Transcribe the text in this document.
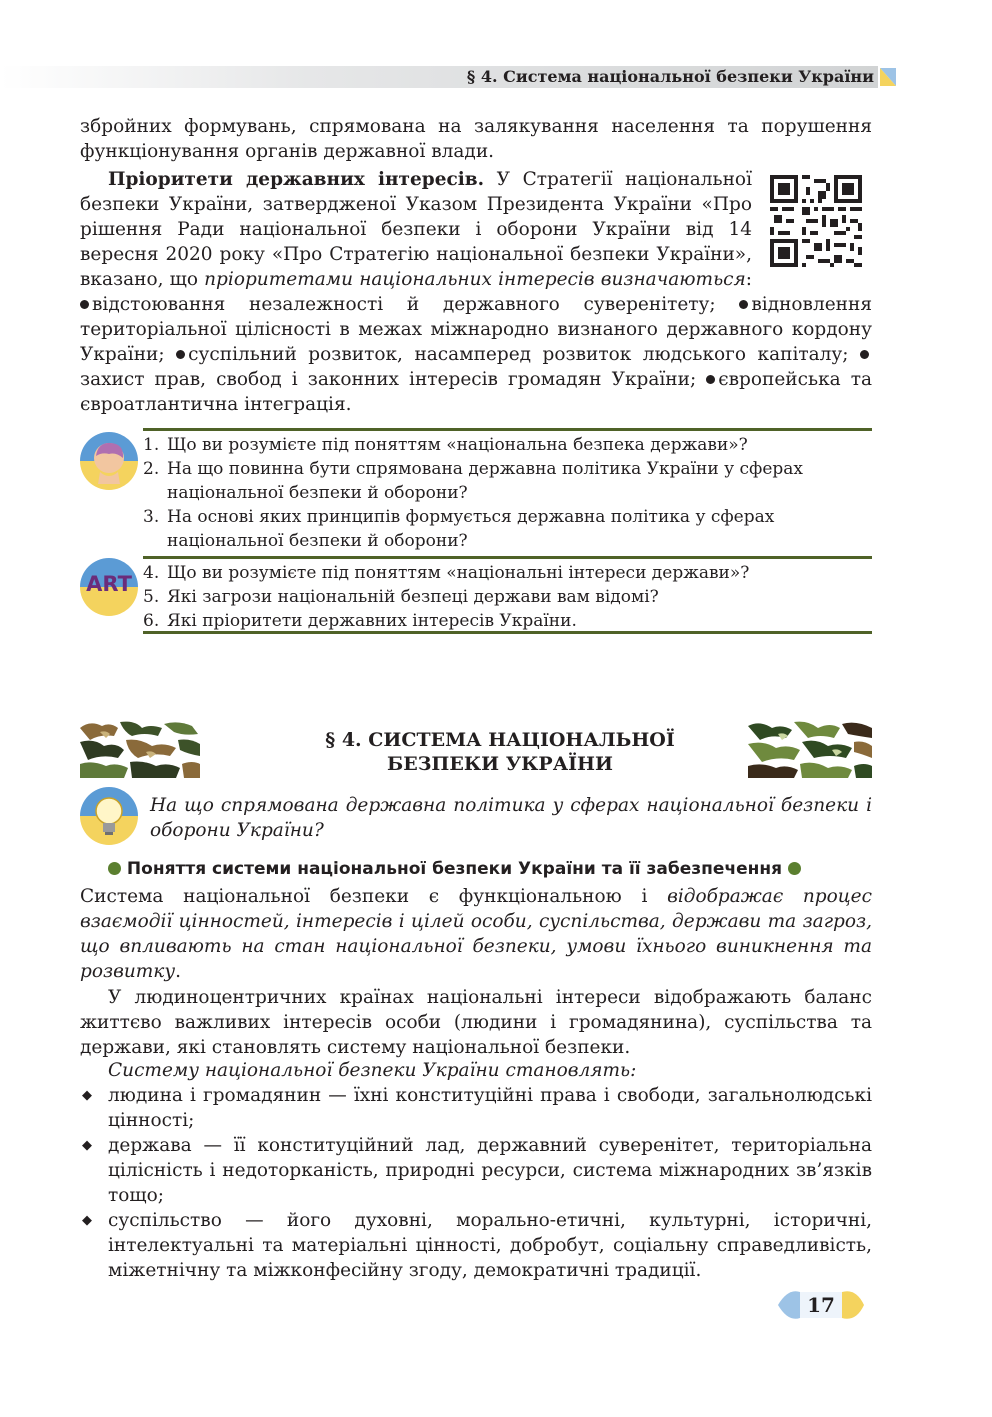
§ 4. Система національної безпеки України

збройних формувань, спрямована на залякування населення та порушення функціонування органів державної влади.

Пріоритети державних інтересів. У Стратегії національної безпеки України, затвердженої Указом Президента України «Про рішення Ради національної безпеки і оборони України від 14 вересня 2020 року «Про Стратегію національної безпеки України», вказано, що пріоритетами національних інтересів визначаються: відстоювання незалежності й державного суверенітету; відновлення територіальної цілісності в межах міжнародно визнаного державного кордону України; суспільний розвиток, насамперед розвиток людського капіталу; захист прав, свобод і законних інтересів громадян України; європейська та євроатлантична інтеграція.
1. Що ви розумієте під поняттям «національна безпека держави»?
2. На що повинна бути спрямована державна політика України у сферах національної безпеки й оборони?
3. На основі яких принципів формується державна політика у сферах національної безпеки й оборони?
ART 4. Що ви розумієте під поняттям «національні інтереси держави»?
5. Які загрози національній безпеці держави вам відомі?
6. Які пріоритети державних інтересів України.
§ 4. СИСТЕМА НАЦІОНАЛЬНОЇ
БЕЗПЕКИ УКРАЇНИ
На що спрямована державна політика у сферах національної безпеки і оборони України?
Поняття системи національної безпеки України та її забезпечення

Система національної безпеки є функціональною і відображає процес взаємодії цінностей, інтересів і цілей особи, суспільства, держави та загроз, що впливають на стан національної безпеки, умови їхнього виникнення та розвитку.

У людиноцентричних країнах національні інтереси відображають баланс життєво важливих інтересів особи (людини і громадянина), суспільства та держави, які становлять систему національної безпеки.

Систему національної безпеки України становлять:

◆ людина і громадянин — їхні конституційні права і свободи, загальнолюдські цінності;

◆ держава — її конституційний лад, державний суверенітет, територіальна цілісність і недоторканість, природні ресурси, система міжнародних зв’язків тощо;

◆ суспільство — його духовні, морально-етичні, культурні, історичні, інтелектуальні та матеріальні цінності, добробут, соціальну справедливість, міжетнічну та міжконфесійну згоду, демократичні традиції.

17
